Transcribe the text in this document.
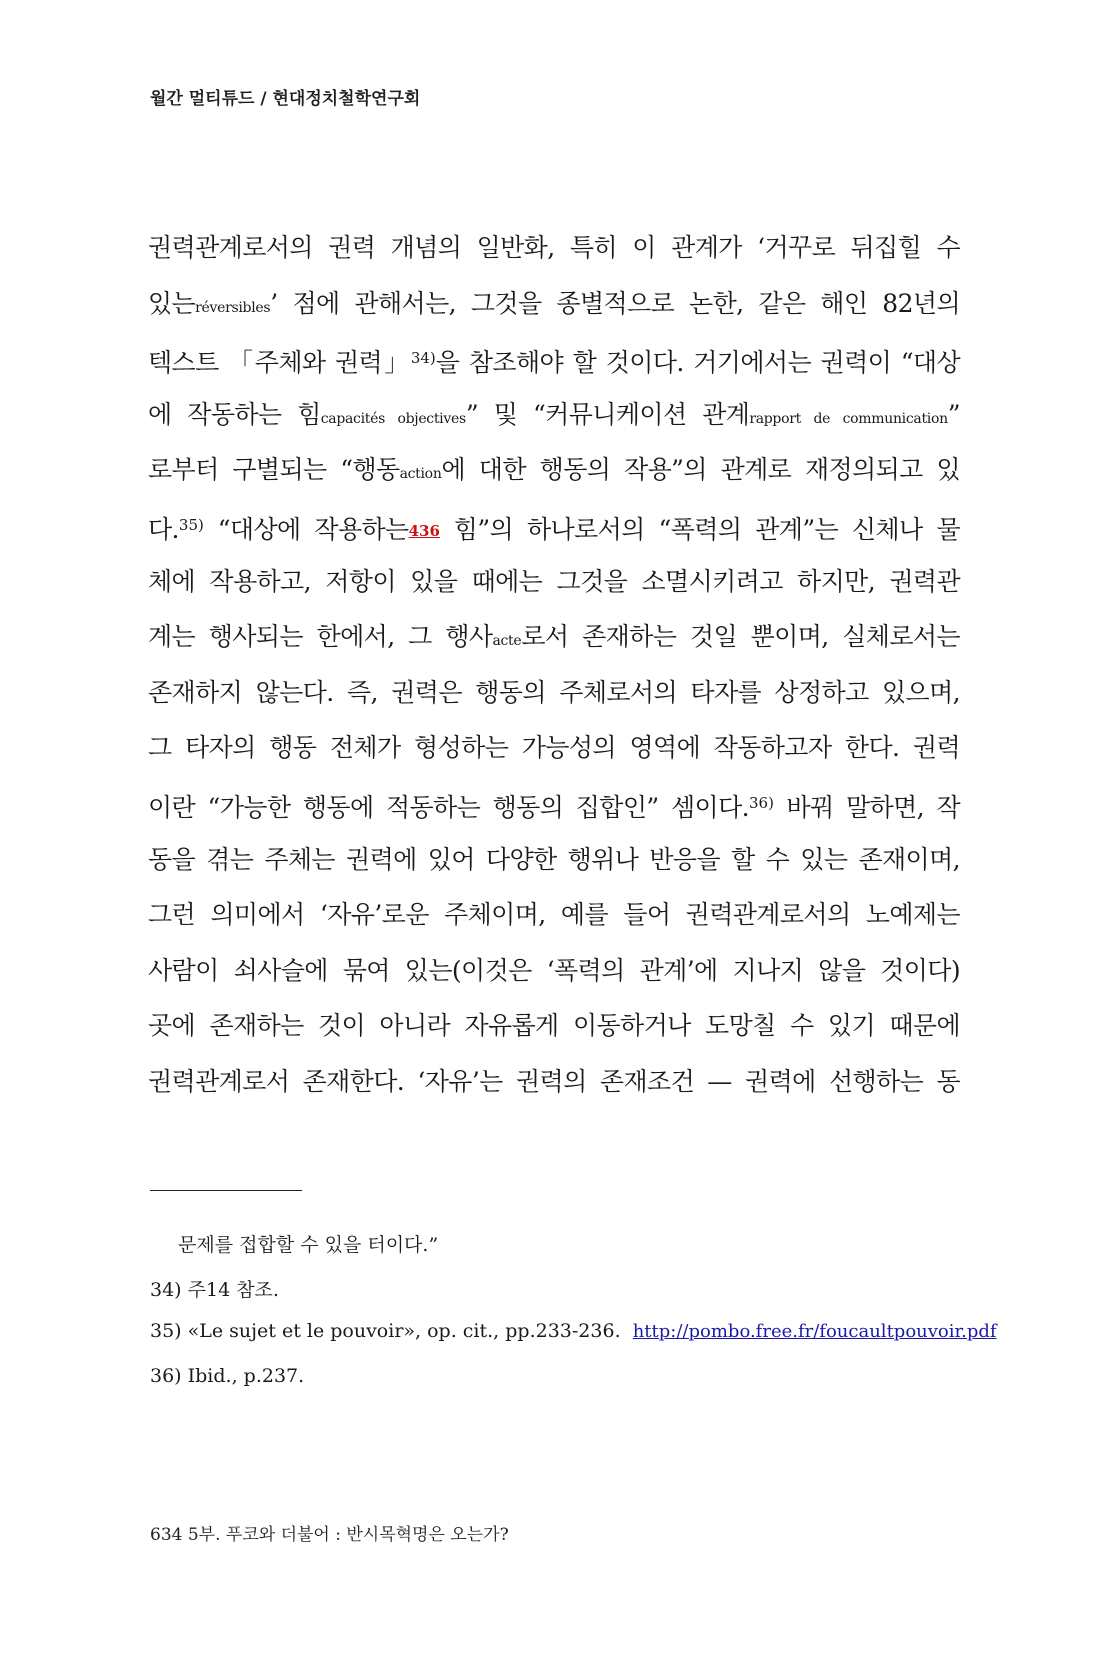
월간 멀티튜드 / 현대정치철학연구회
권력관계로서의 권력 개념의 일반화, 특히 이 관계가 ‘거꾸로 뒤집힐 수
있는réversibles’ 점에 관해서는, 그것을 종별적으로 논한, 같은 해인 82년의
텍스트 「주체와 권력」$^{34)}$을 참조해야 할 것이다. 거기에서는 권력이 “대상
에 작동하는 힘capacités objectives” 및 “커뮤니케이션 관계rapport de communication”
로부터 구별되는 “행동action에 대한 행동의 작용”의 관계로 재정의되고 있
다.$^{35)}$ “대상에 작용하는436 힘”의 하나로서의 “폭력의 관계”는 신체나 물
체에 작용하고, 저항이 있을 때에는 그것을 소멸시키려고 하지만, 권력관
계는 행사되는 한에서, 그 행사acte로서 존재하는 것일 뿐이며, 실체로서는
존재하지 않는다. 즉, 권력은 행동의 주체로서의 타자를 상정하고 있으며,
그 타자의 행동 전체가 형성하는 가능성의 영역에 작동하고자 한다. 권력
이란 “가능한 행동에 적동하는 행동의 집합인” 셈이다.$^{36)}$ 바꿔 말하면, 작
동을 겪는 주체는 권력에 있어 다양한 행위나 반응을 할 수 있는 존재이며,
그런 의미에서 ‘자유’로운 주체이며, 예를 들어 권력관계로서의 노예제는
사람이 쇠사슬에 묶여 있는(이것은 ‘폭력의 관계’에 지나지 않을 것이다)
곳에 존재하는 것이 아니라 자유롭게 이동하거나 도망칠 수 있기 때문에
권력관계로서 존재한다. ‘자유’는 권력의 존재조건 — 권력에 선행하는 동
문제를 접합할 수 있을 터이다.”
34) 주14 참조.
35) «Le sujet et le pouvoir», op. cit., pp.233-236. http://pombo.free.fr/foucaultpouvoir.pdf
36) Ibid., p.237.
634 5부. 푸코와 더불어 : 반시목혁명은 오는가?
